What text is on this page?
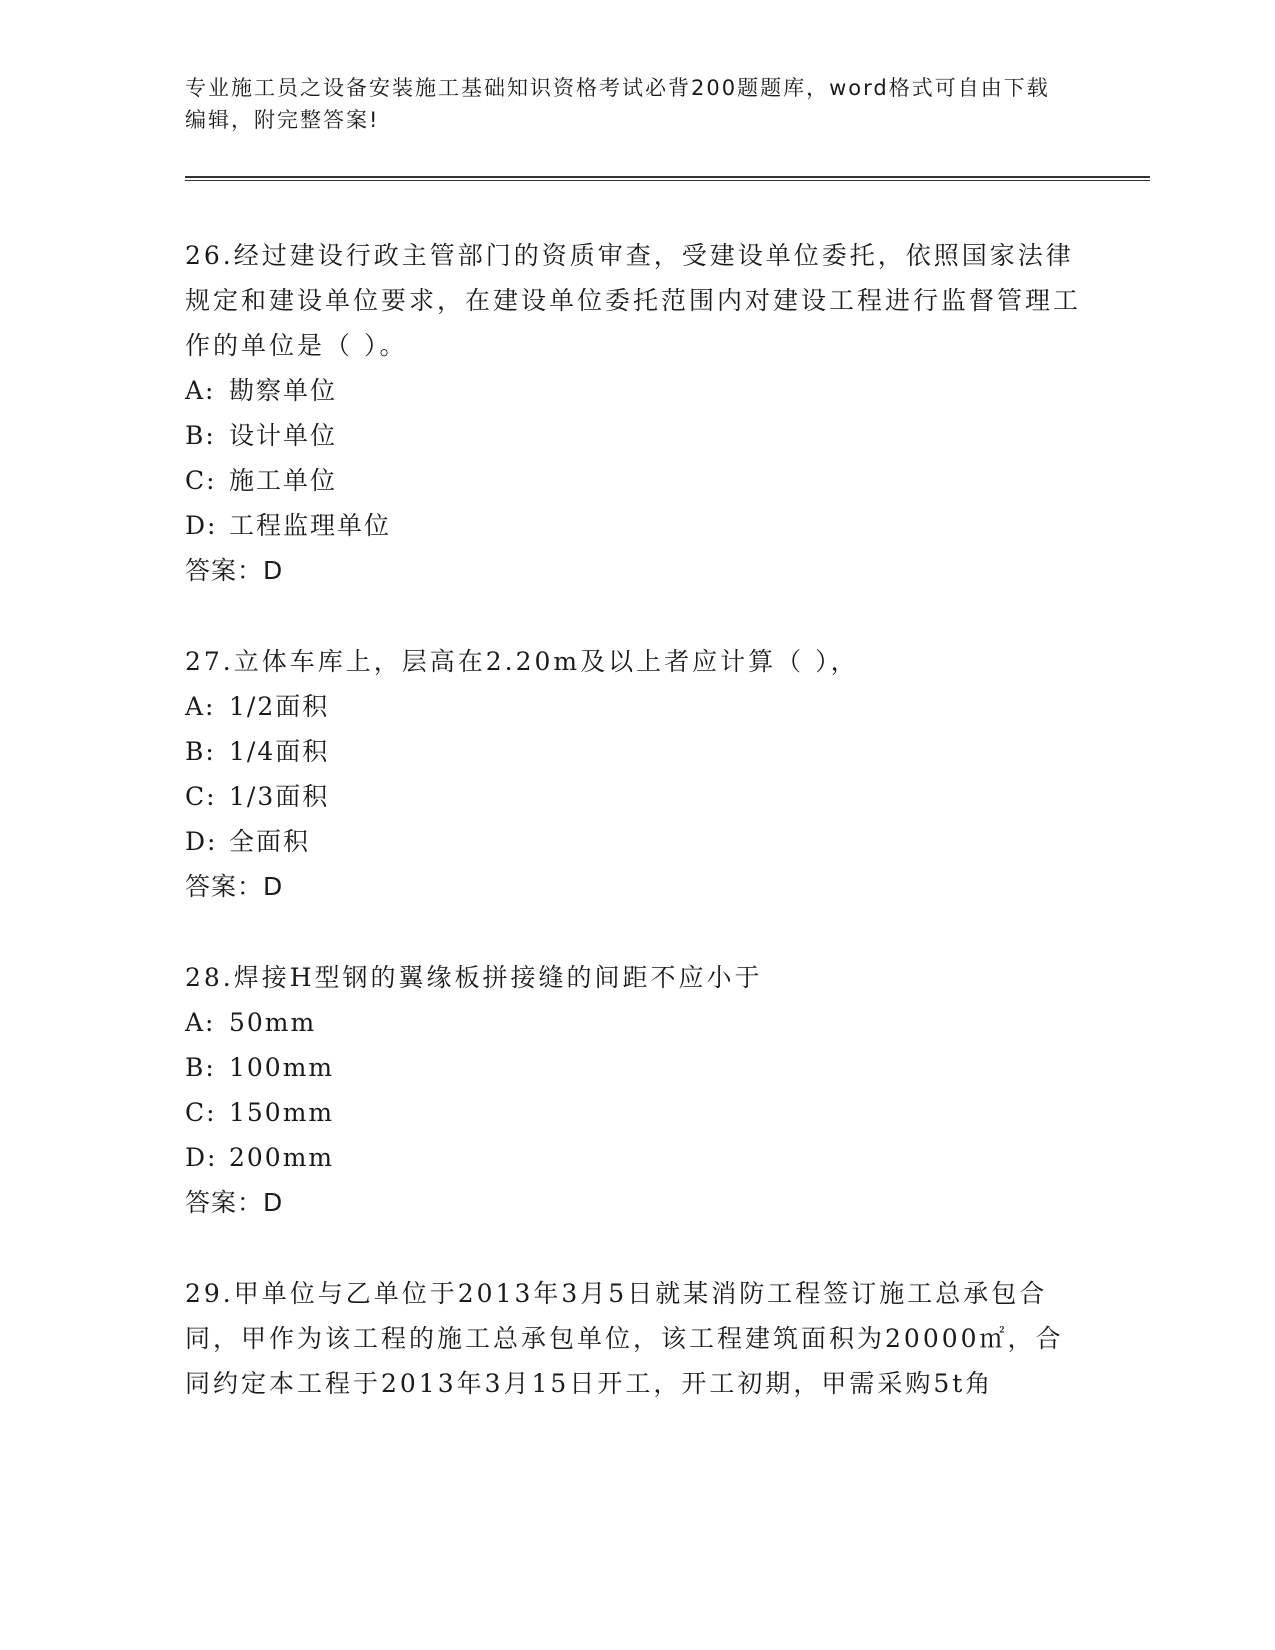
专业施工员之设备安装施工基础知识资格考试必背200题题库，word格式可自由下载编辑，附完整答案!

26.经过建设行政主管部门的资质审查，受建设单位委托，依照国家法律规定和建设单位要求，在建设单位委托范围内对建设工程进行监督管理工作的单位是（ ）。

A: 勘察单位
B: 设计单位
C: 施工单位
D: 工程监理单位
答案：D

27.立体车库上，层高在2.20m及以上者应计算（ ），

A: 1/2面积
B: 1/4面积
C: 1/3面积
D: 全面积
答案：D

28.焊接H型钢的翼缘板拼接缝的间距不应小于

A: 50mm
B: 100mm
C: 150mm
D: 200mm
答案：D

29.甲单位与乙单位于2013年3月5日就某消防工程签订施工总承包合同，甲作为该工程的施工总承包单位，该工程建筑面积为20000㎡，合同约定本工程于2013年3月15日开工，开工初期，甲需采购5t角
